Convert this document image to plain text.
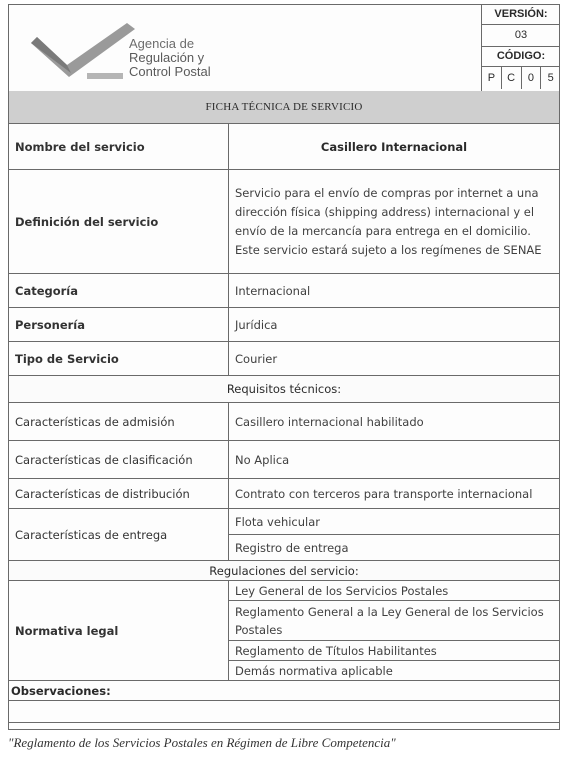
Agencia de
Regulación y
Control Postal
VERSIÓN:
03
CÓDIGO:
P	C	0	5
FICHA TÉCNICA DE SERVICIO
Nombre del servicio	Casillero Internacional
Definición del servicio	Servicio para el envío de compras por internet a una dirección física (shipping address) internacional y el envío de la mercancía para entrega en el domicilio. Este servicio estará sujeto a los regímenes de SENAE
Categoría	Internacional
Personería	Jurídica
Tipo de Servicio	Courier
Requisitos técnicos:	
Características de admisión	Casillero internacional habilitado
Características de clasificación	No Aplica
Características de distribución	Contrato con terceros para transporte internacional
Características de entrega	Flota vehicular
	Registro de entrega
Regulaciones del servicio:	
Normativa legal	Ley General de los Servicios Postales
	Reglamento General a la Ley General de los Servicios Postales
	Reglamento de Títulos Habilitantes
	Demás normativa aplicable
Observaciones:	

"Reglamento de los Servicios Postales en Régimen de Libre Competencia"
